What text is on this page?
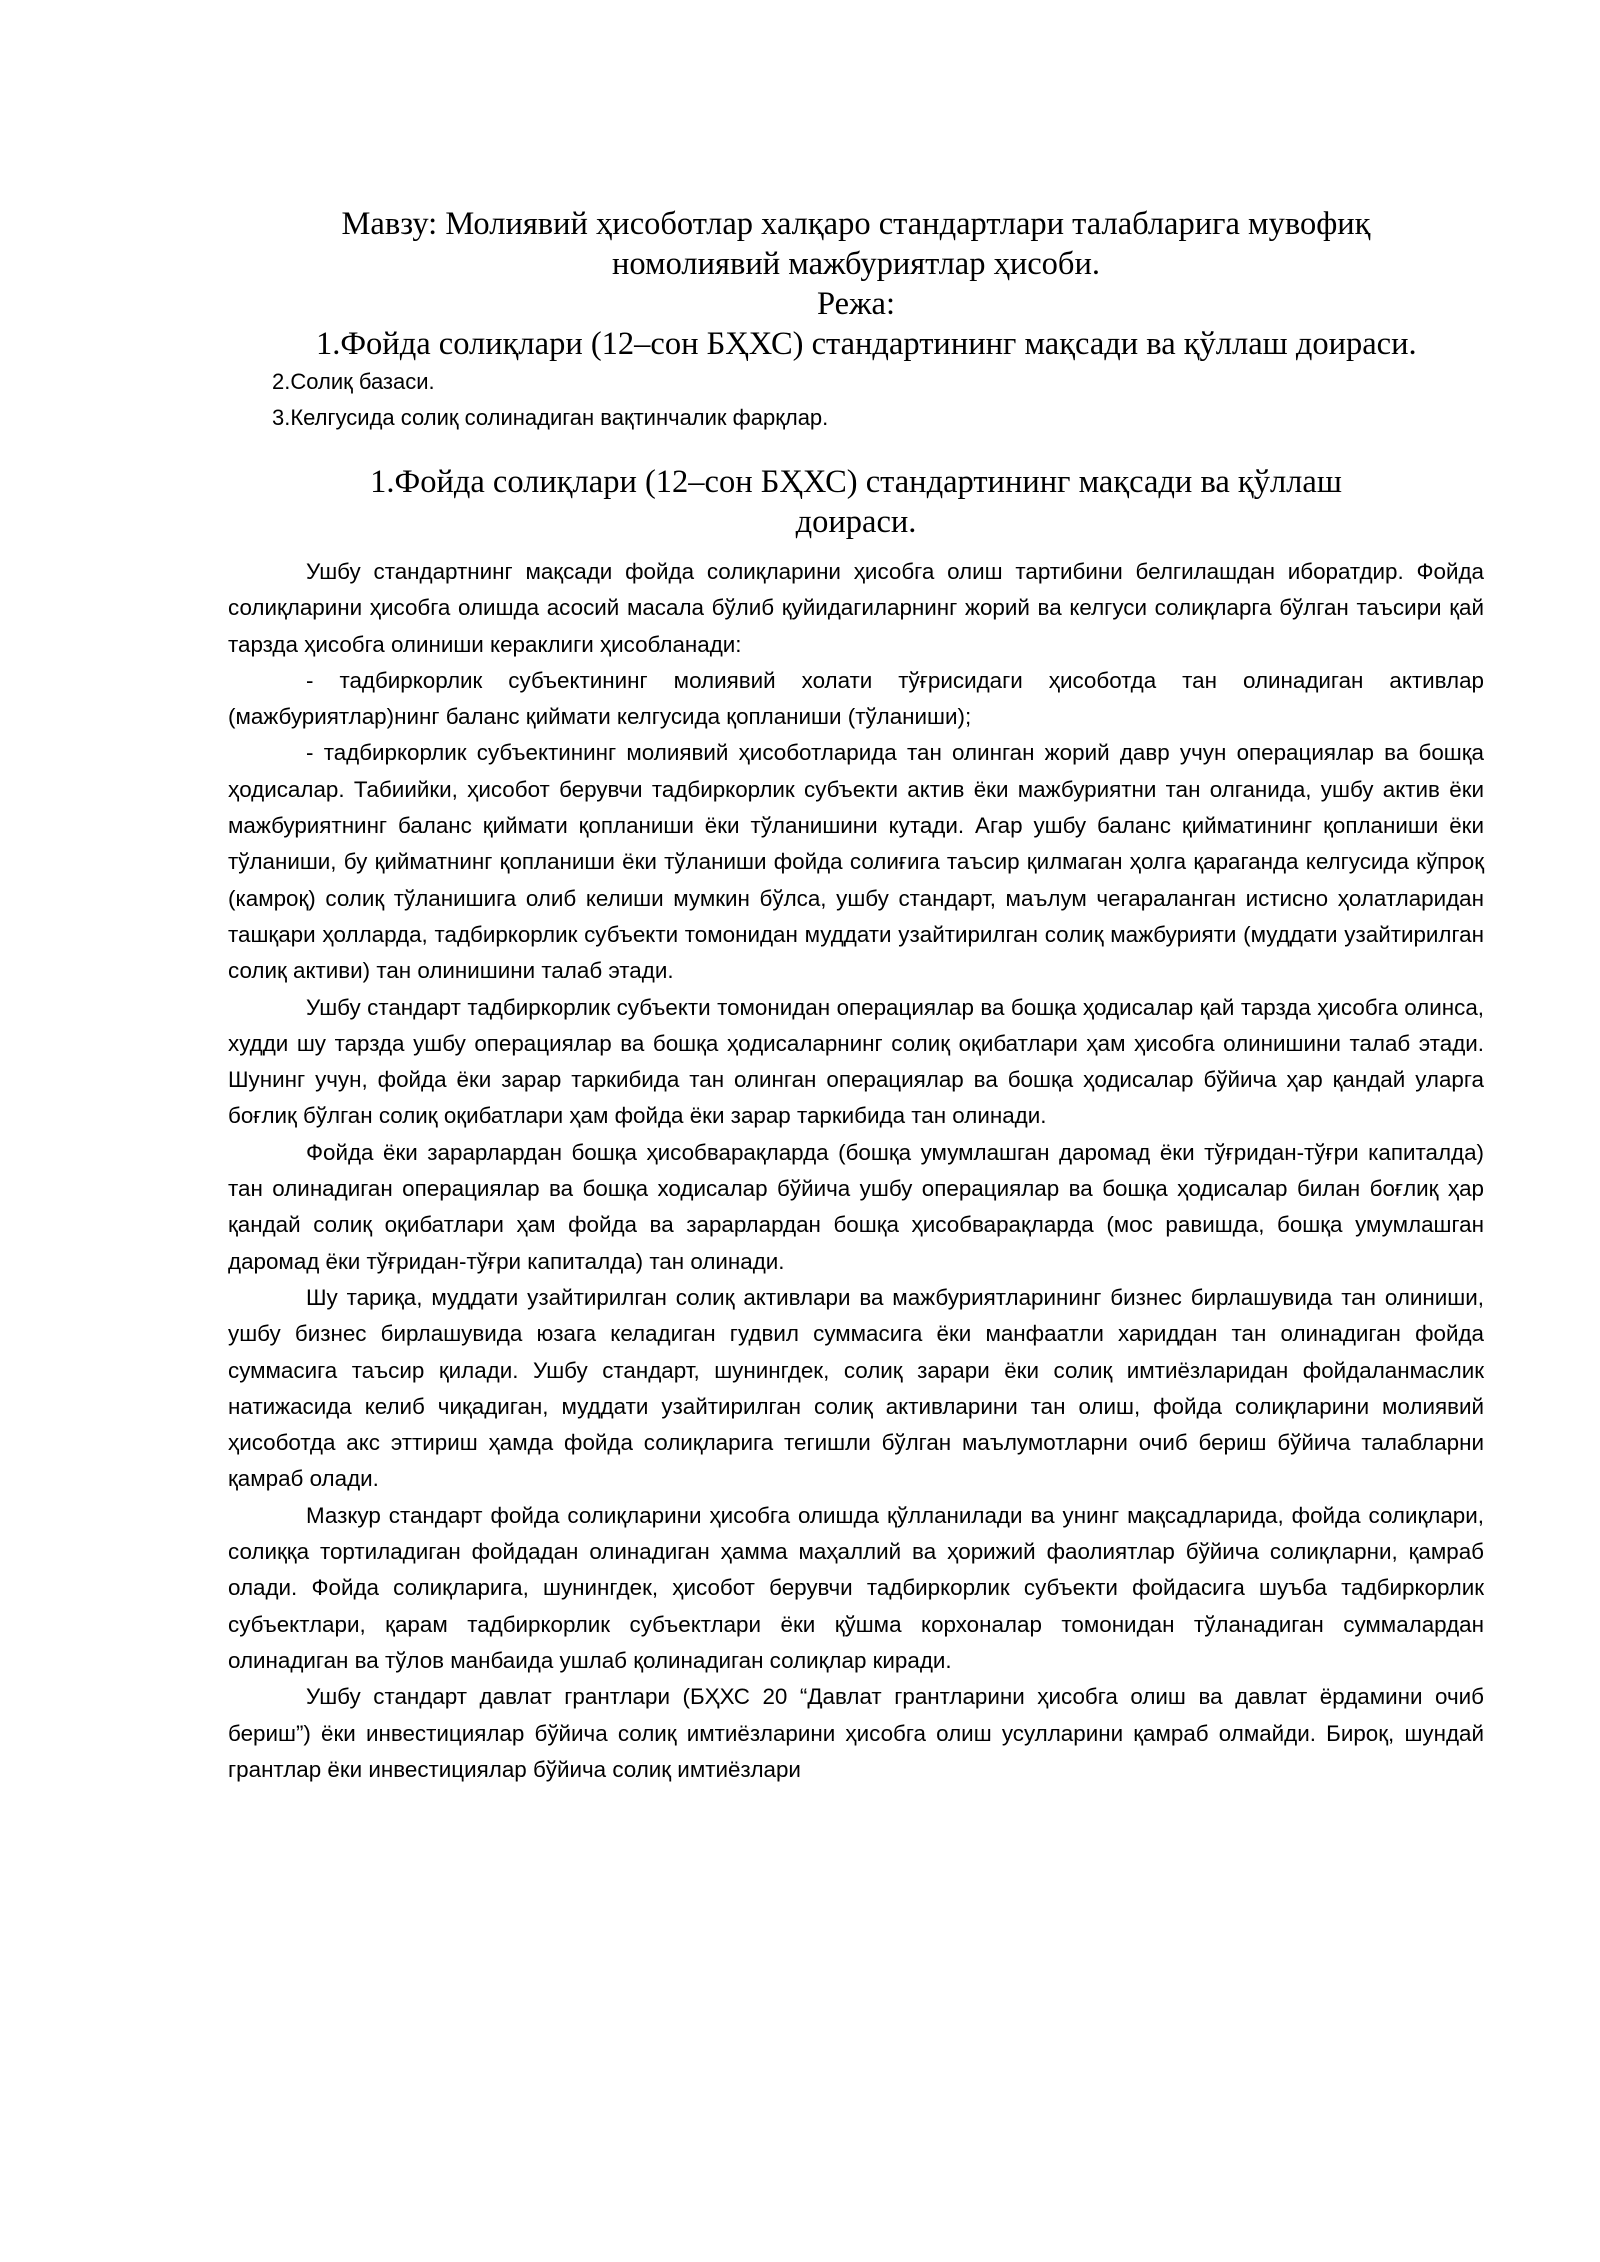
Мавзу: Молиявий ҳисоботлар халқаро стандартлари талабларига мувофиқ
номолиявий мажбуриятлар ҳисоби.

Режа:

1.Фойда солиқлари (12–сон БҲХС) стандартининг мақсади ва қўллаш доираси.

2.Солиқ базаси.

3.Келгусида солиқ солинадиган вақтинчалик фарқлар.

1.Фойда солиқлари (12–сон БҲХС) стандартининг мақсади ва қўллаш
доираси.

Ушбу стандартнинг мақсади фойда солиқларини ҳисобга олиш тартибини белгилашдан иборатдир. Фойда солиқларини ҳисобга олишда асосий масала бўлиб қуйидагиларнинг жорий ва келгуси солиқларга бўлган таъсири қай тарзда ҳисобга олиниши кераклиги ҳисобланади:

- тадбиркорлик субъектининг молиявий холати тўғрисидаги ҳисоботда тан олинадиган активлар (мажбуриятлар)нинг баланс қиймати келгусида қопланиши (тўланиши);

- тадбиркорлик субъектининг молиявий ҳисоботларида тан олинган жорий давр учун операциялар ва бошқа ҳодисалар. Табиийки, ҳисобот берувчи тадбиркорлик субъекти актив ёки мажбуриятни тан олганида, ушбу актив ёки мажбуриятнинг баланс қиймати қопланиши ёки тўланишини кутади. Агар ушбу баланс қийматининг қопланиши ёки тўланиши, бу қийматнинг қопланиши ёки тўланиши фойда солиғига таъсир қилмаган ҳолга қараганда келгусида кўпроқ (камроқ) солиқ тўланишига олиб келиши мумкин бўлса, ушбу стандарт, маълум чегараланган истисно ҳолатларидан ташқари ҳолларда, тадбиркорлик субъекти томонидан муддати узайтирилган солиқ мажбурияти (муддати узайтирилган солиқ активи) тан олинишини талаб этади.

Ушбу стандарт тадбиркорлик субъекти томонидан операциялар ва бошқа ҳодисалар қай тарзда ҳисобга олинса, худди шу тарзда ушбу операциялар ва бошқа ҳодисаларнинг солиқ оқибатлари ҳам ҳисобга олинишини талаб этади. Шунинг учун, фойда ёки зарар таркибида тан олинган операциялар ва бошқа ҳодисалар бўйича ҳар қандай уларга боғлиқ бўлган солиқ оқибатлари ҳам фойда ёки зарар таркибида тан олинади.

Фойда ёки зарарлардан бошқа ҳисобварақларда (бошқа умумлашган даромад ёки тўғридан-тўғри капиталда) тан олинадиган операциялар ва бошқа ходисалар бўйича ушбу операциялар ва бошқа ҳодисалар билан боғлиқ ҳар қандай солиқ оқибатлари ҳам фойда ва зарарлардан бошқа ҳисобварақларда (мос равишда, бошқа умумлашган даромад ёки тўғридан-тўғри капиталда) тан олинади.

Шу тариқа, муддати узайтирилган солиқ активлари ва мажбуриятларининг бизнес бирлашувида тан олиниши, ушбу бизнес бирлашувида юзага келадиган гудвил суммасига ёки манфаатли хариддан тан олинадиган фойда суммасига таъсир қилади. Ушбу стандарт, шунингдек, солиқ зарари ёки солиқ имтиёзларидан фойдаланмаслик натижасида келиб чиқадиган, муддати узайтирилган солиқ активларини тан олиш, фойда солиқларини молиявий ҳисоботда акс эттириш ҳамда фойда солиқларига тегишли бўлган маълумотларни очиб бериш бўйича талабларни қамраб олади.

Мазкур стандарт фойда солиқларини ҳисобга олишда қўлланилади ва унинг мақсадларида, фойда солиқлари, солиққа тортиладиган фойдадан олинадиган ҳамма маҳаллий ва ҳорижий фаолиятлар бўйича солиқларни, қамраб олади. Фойда солиқларига, шунингдек, ҳисобот берувчи тадбиркорлик субъекти фойдасига шуъба тадбиркорлик субъектлари, қарам тадбиркорлик субъектлари ёки қўшма корхоналар томонидан тўланадиган суммалардан олинадиган ва тўлов манбаида ушлаб қолинадиган солиқлар киради.

Ушбу стандарт давлат грантлари (БҲХС 20 “Давлат грантларини ҳисобга олиш ва давлат ёрдамини очиб бериш”) ёки инвестициялар бўйича солиқ имтиёзларини ҳисобга олиш усулларини қамраб олмайди. Бироқ, шундай грантлар ёки инвестициялар бўйича солиқ имтиёзлари
